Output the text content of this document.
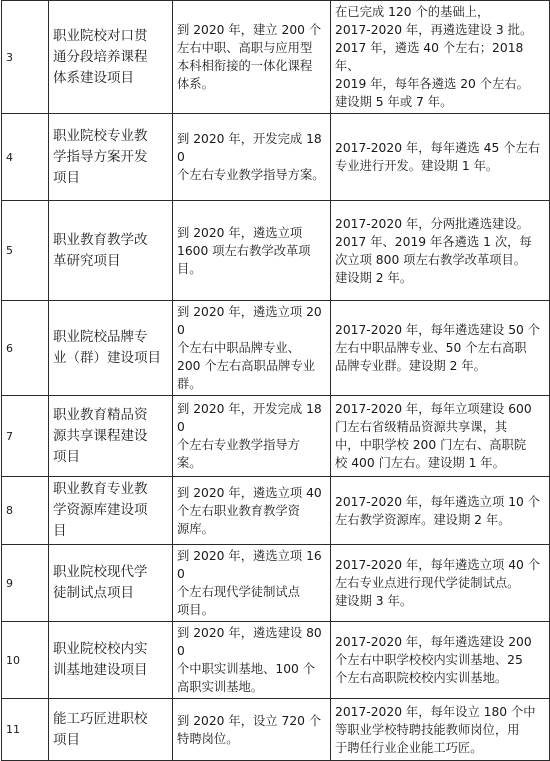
3	职业院校对口贯
通分段培养课程
体系建设项目	到 2020 年，建立 200 个
左右中职、高职与应用型
本科相衔接的一体化课程
体系。	在已完成 120 个的基础上，
2017-2020 年，再遴选建设 3 批。
2017 年，遴选 40 个左右；2018 年、
2019 年，每年各遴选 20 个左右。
建设期 5 年或 7 年。

4	职业院校专业教
学指导方案开发
项目	到 2020 年，开发完成 180
个左右专业教学指导方案。	2017-2020 年，每年遴选 45 个左右
专业进行开发。建设期 1 年。

5	职业教育教学改
革研究项目	到 2020 年，遴选立项
1600 项左右教学改革项目。	2017-2020 年，分两批遴选建设。
2017 年、2019 年各遴选 1 次，每
次立项 800 项左右教学改革项目。
建设期 2 年。

6	职业院校品牌专
业（群）建设项目	到 2020 年，遴选立项 200
个左右中职品牌专业、
200 个左右高职品牌专业
群。	2017-2020 年，每年遴选建设 50 个
左右中职品牌专业、50 个左右高职
品牌专业群。建设期 2 年。

7	职业教育精品资
源共享课程建设
项目	到 2020 年，开发完成 180
个左右专业教学指导方
案。	2017-2020 年，每年立项建设 600
门左右省级精品资源共享课，其
中，中职学校 200 门左右、高职院
校 400 门左右。建设期 1 年。

8	职业教育专业教
学资源库建设项
目	到 2020 年，遴选立项 40
个左右职业教育教学资
源库。	2017-2020 年，每年遴选立项 10 个
左右教学资源库。建设期 2 年。

9	职业院校现代学
徒制试点项目	到 2020 年，遴选立项 160
个左右现代学徒制试点
项目。	2017-2020 年，每年遴选立项 40 个
左右专业点进行现代学徒制试点。
建设期 3 年。

10	职业院校校内实
训基地建设项目	到 2020 年，遴选建设 800
个中职实训基地、100 个
高职实训基地。	2017-2020 年，每年遴选建设 200
个左右中职学校校内实训基地、25
个左右高职院校校内实训基地。

11	能工巧匠进职校
项目	到 2020 年，设立 720 个
特聘岗位。	2017-2020 年，每年设立 180 个中
等职业学校特聘技能教师岗位，用
于聘任行业企业能工巧匠。
